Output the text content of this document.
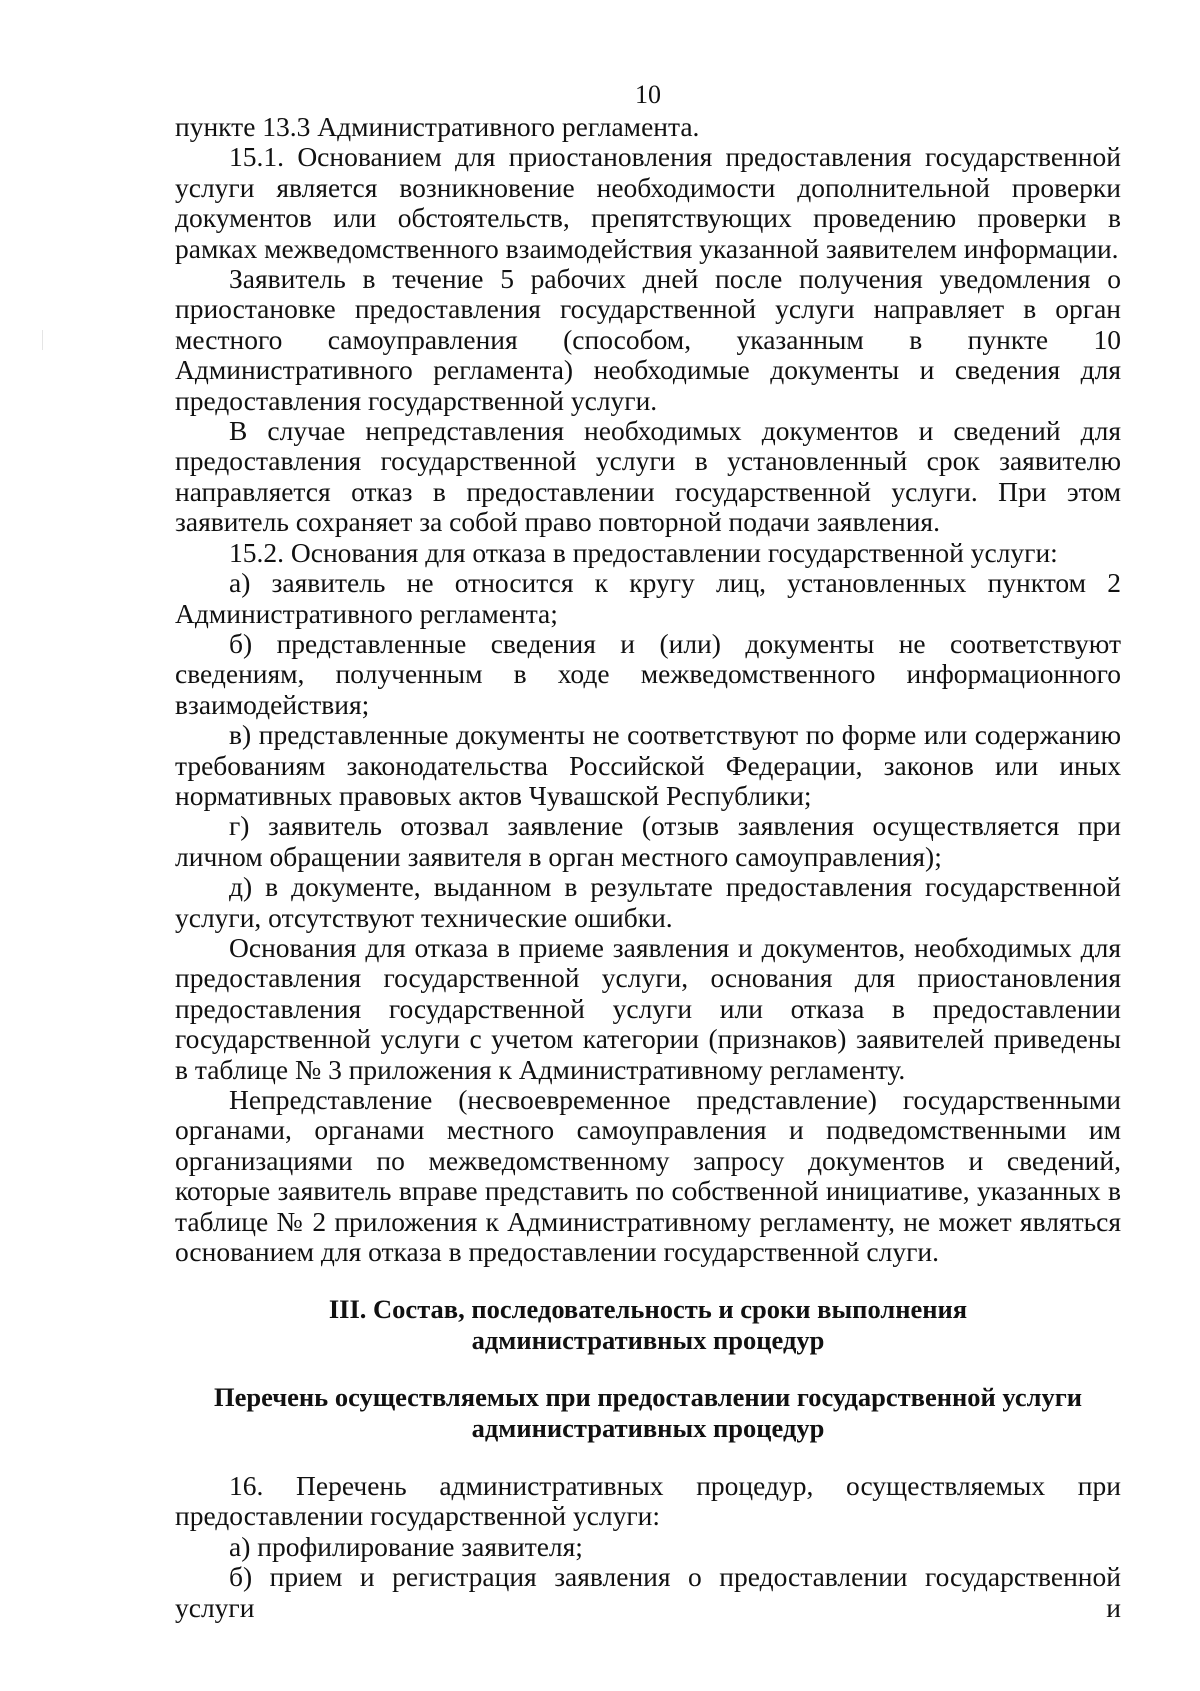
10

пункте 13.3 Административного регламента.

15.1. Основанием для приостановления предоставления государственной услуги является возникновение необходимости дополнительной проверки документов или обстоятельств, препятствующих проведению проверки в рамках межведомственного взаимодействия указанной заявителем информации.

Заявитель в течение 5 рабочих дней после получения уведомления о приостановке предоставления государственной услуги направляет в орган местного самоуправления (способом, указанным в пункте 10 Административного регламента) необходимые документы и сведения для предоставления государственной услуги.

В случае непредставления необходимых документов и сведений для предоставления государственной услуги в установленный срок заявителю направляется отказ в предоставлении государственной услуги. При этом заявитель сохраняет за собой право повторной подачи заявления.

15.2. Основания для отказа в предоставлении государственной услуги:

а) заявитель не относится к кругу лиц, установленных пунктом 2 Административного регламента;

б) представленные сведения и (или) документы не соответствуют сведениям, полученным в ходе межведомственного информационного взаимодействия;

в) представленные документы не соответствуют по форме или содержанию требованиям законодательства Российской Федерации, законов или иных нормативных правовых актов Чувашской Республики;

г) заявитель отозвал заявление (отзыв заявления осуществляется при личном обращении заявителя в орган местного самоуправления);

д) в документе, выданном в результате предоставления государственной услуги, отсутствуют технические ошибки.

Основания для отказа в приеме заявления и документов, необходимых для предоставления государственной услуги, основания для приостановления предоставления государственной услуги или отказа в предоставлении государственной услуги с учетом категории (признаков) заявителей приведены в таблице № 3 приложения к Административному регламенту.

Непредставление (несвоевременное представление) государственными органами, органами местного самоуправления и подведомственными им организациями по межведомственному запросу документов и сведений, которые заявитель вправе представить по собственной инициативе, указанных в таблице № 2 приложения к Административному регламенту, не может являться основанием для отказа в предоставлении государственной слуги.

III. Состав, последовательность и сроки выполнения
административных процедур
Перечень осуществляемых при предоставлении государственной услуги
административных процедур

16. Перечень административных процедур, осуществляемых при предоставлении государственной услуги:

а) профилирование заявителя;

б) прием и регистрация заявления о предоставлении государственной услуги и
